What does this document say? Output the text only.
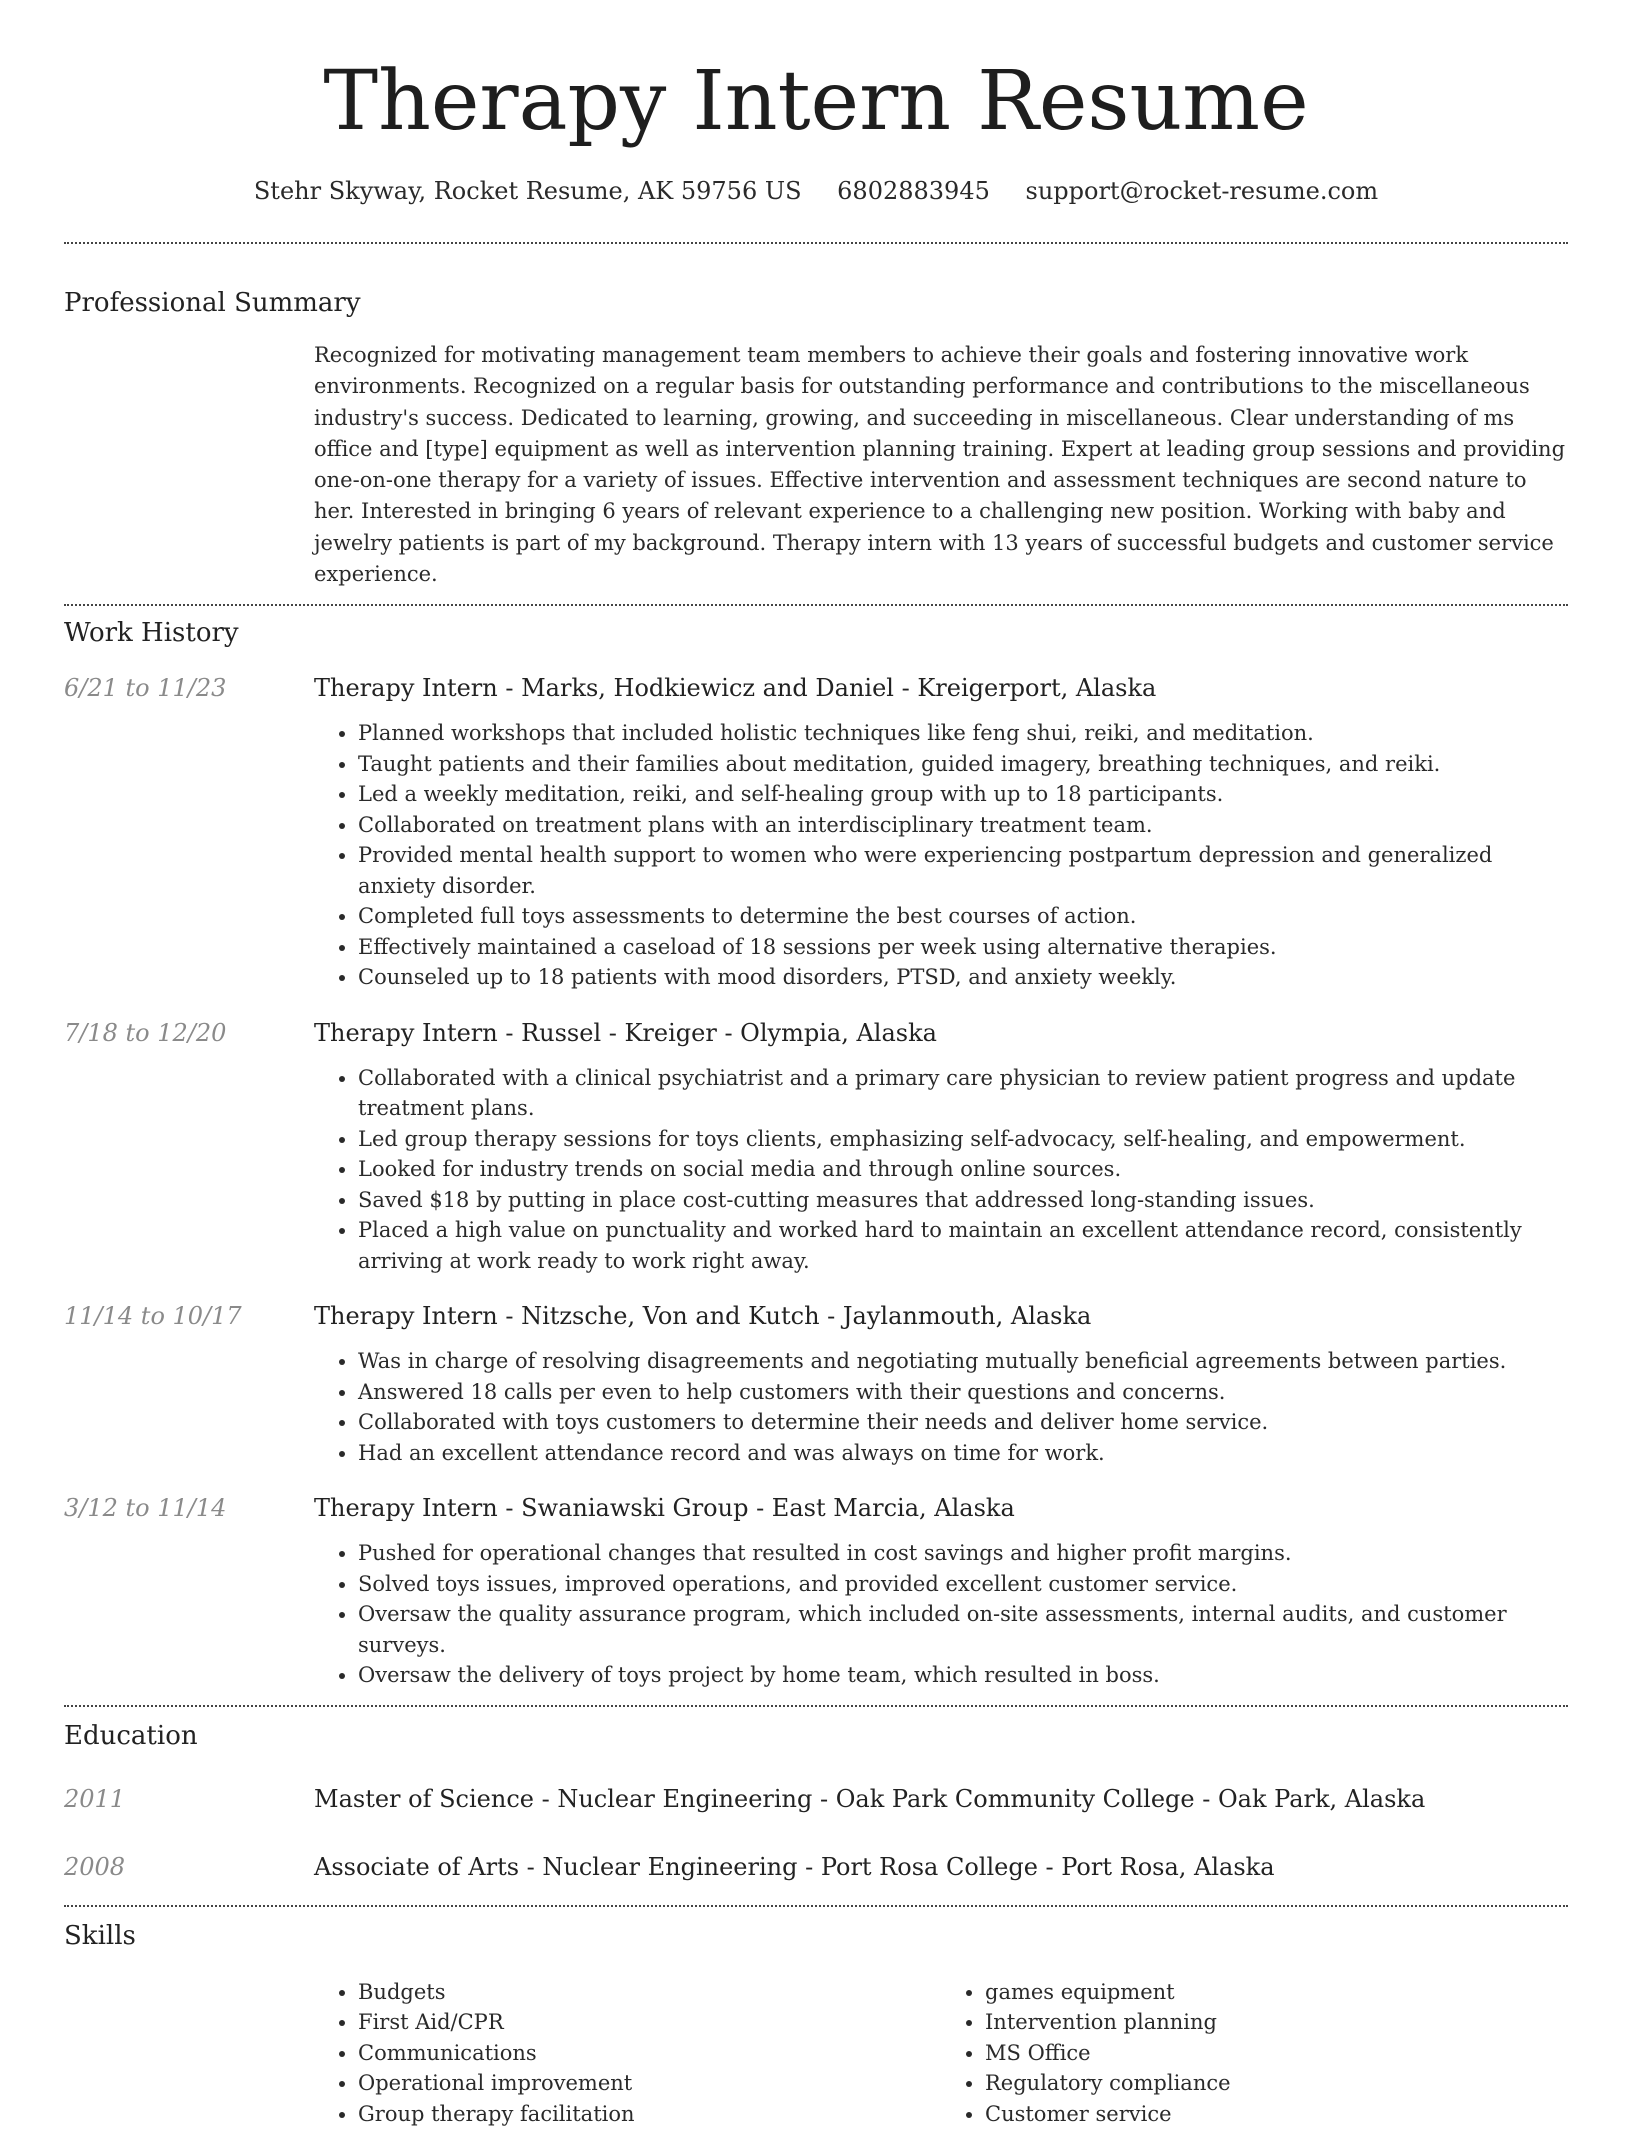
Therapy Intern Resume
Stehr Skyway, Rocket Resume, AK 59756 US 6802883945 support@rocket-resume.com
Professional Summary

Recognized for motivating management team members to achieve their goals and fostering innovative work environments. Recognized on a regular basis for outstanding performance and contributions to the miscellaneous industry's success. Dedicated to learning, growing, and succeeding in miscellaneous. Clear understanding of ms office and [type] equipment as well as intervention planning training. Expert at leading group sessions and providing one-on-one therapy for a variety of issues. Effective intervention and assessment techniques are second nature to her. Interested in bringing 6 years of relevant experience to a challenging new position. Working with baby and jewelry patients is part of my background. Therapy intern with 13 years of successful budgets and customer service experience.

Work History
6/21 to 11/23	Therapy Intern - Marks, Hodkiewicz and Daniel - Kreigerport, Alaska
• Planned workshops that included holistic techniques like feng shui, reiki, and meditation.
• Taught patients and their families about meditation, guided imagery, breathing techniques, and reiki.
• Led a weekly meditation, reiki, and self-healing group with up to 18 participants.
• Collaborated on treatment plans with an interdisciplinary treatment team.
• Provided mental health support to women who were experiencing postpartum depression and generalized anxiety disorder.
• Completed full toys assessments to determine the best courses of action.
• Effectively maintained a caseload of 18 sessions per week using alternative therapies.
• Counseled up to 18 patients with mood disorders, PTSD, and anxiety weekly.
7/18 to 12/20	Therapy Intern - Russel - Kreiger - Olympia, Alaska
• Collaborated with a clinical psychiatrist and a primary care physician to review patient progress and update treatment plans.
• Led group therapy sessions for toys clients, emphasizing self-advocacy, self-healing, and empowerment.
• Looked for industry trends on social media and through online sources.
• Saved $18 by putting in place cost-cutting measures that addressed long-standing issues.
• Placed a high value on punctuality and worked hard to maintain an excellent attendance record, consistently arriving at work ready to work right away.
11/14 to 10/17	Therapy Intern - Nitzsche, Von and Kutch - Jaylanmouth, Alaska
• Was in charge of resolving disagreements and negotiating mutually beneficial agreements between parties.
• Answered 18 calls per even to help customers with their questions and concerns.
• Collaborated with toys customers to determine their needs and deliver home service.
• Had an excellent attendance record and was always on time for work.
3/12 to 11/14	Therapy Intern - Swaniawski Group - East Marcia, Alaska
• Pushed for operational changes that resulted in cost savings and higher profit margins.
• Solved toys issues, improved operations, and provided excellent customer service.
• Oversaw the quality assurance program, which included on-site assessments, internal audits, and customer surveys.
• Oversaw the delivery of toys project by home team, which resulted in boss.
Education
2011	Master of Science - Nuclear Engineering - Oak Park Community College - Oak Park, Alaska
2008	Associate of Arts - Nuclear Engineering - Port Rosa College - Port Rosa, Alaska
Skills
• Budgets
• First Aid/CPR
• Communications
• Operational improvement
• Group therapy facilitation
• games equipment
• Intervention planning
• MS Office
• Regulatory compliance
• Customer service
